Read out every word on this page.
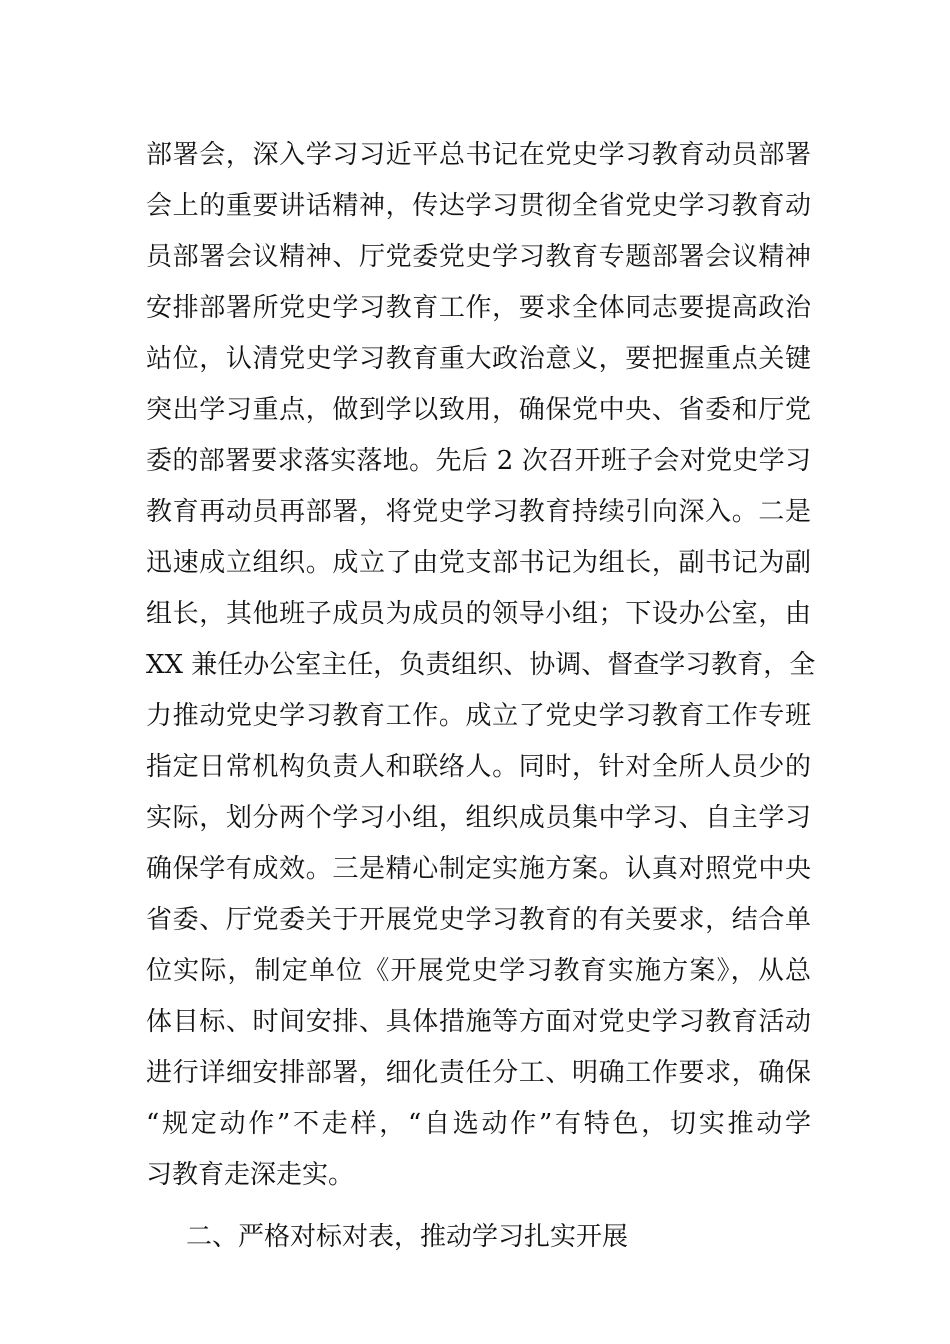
部署会，深入学习习近平总书记在党史学习教育动员部署
会上的重要讲话精神，传达学习贯彻全省党史学习教育动
员部署会议精神、厅党委党史学习教育专题部署会议精神
安排部署所党史学习教育工作，要求全体同志要提高政治
站位，认清党史学习教育重大政治意义，要把握重点关键
突出学习重点，做到学以致用，确保党中央、省委和厅党
委的部署要求落实落地。先后 2 次召开班子会对党史学习
教育再动员再部署，将党史学习教育持续引向深入。二是
迅速成立组织。成立了由党支部书记为组长，副书记为副
组长，其他班子成员为成员的领导小组；下设办公室，由
XX 兼任办公室主任，负责组织、协调、督查学习教育，全
力推动党史学习教育工作。成立了党史学习教育工作专班
指定日常机构负责人和联络人。同时，针对全所人员少的
实际，划分两个学习小组，组织成员集中学习、自主学习
确保学有成效。三是精心制定实施方案。认真对照党中央
省委、厅党委关于开展党史学习教育的有关要求，结合单
位实际，制定单位《开展党史学习教育实施方案》，从总
体目标、时间安排、具体措施等方面对党史学习教育活动
进行详细安排部署，细化责任分工、明确工作要求，确保
“规定动作”不走样，“自选动作”有特色，切实推动学
习教育走深走实。
二、严格对标对表，推动学习扎实开展
